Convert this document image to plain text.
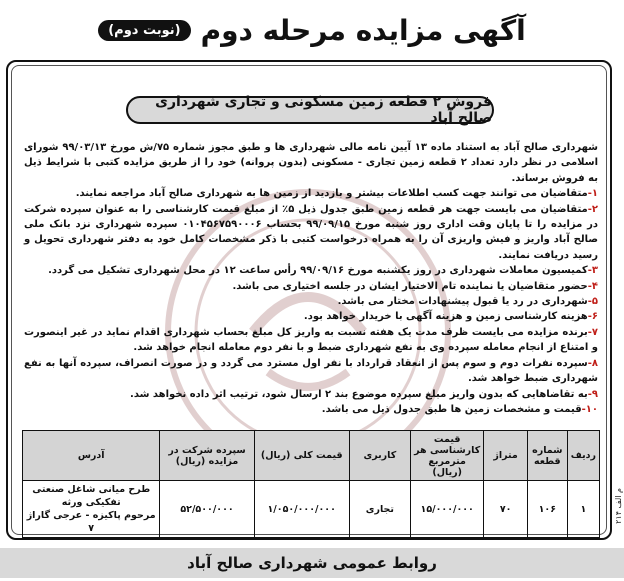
آگهی مزایده مرحله دوم
(نوبت دوم)
فروش ۲ قطعه زمین مسکونی و تجاری شهرداری صالح آباد

شهرداری صالح آباد به استناد ماده ۱۳ آیین نامه مالی شهرداری ها و طبق مجوز شماره ۷۵/ش مورخ ۹۹/۰۳/۱۳ شورای اسلامی در نظر دارد تعداد ۲ قطعه زمین تجاری - مسکونی (بدون پروانه) خود را از طریق مزایده کتبی با شرایط ذیل به فروش برساند.

۱-متقاضیان می توانند جهت کسب اطلاعات بیشتر و بازدید از زمین ها به شهرداری صالح آباد مراجعه نمایند.
۲-متقاضیان می بایست جهت هر قطعه زمین طبق جدول ذیل ۵٪ از مبلغ قیمت کارشناسی را به عنوان سپرده شرکت در مزایده را تا پایان وقت اداری روز شنبه مورخ ۹۹/۰۹/۱۵ بحساب ۰۱۰۴۵۶۷۵۹۰۰۰۶ سپرده شهرداری نزد بانک ملی صالح آباد واریز و فیش واریزی آن را به همراه درخواست کتبی با ذکر مشخصات کامل خود به دفتر شهرداری تحویل و رسید دریافت نمایند.
۳-کمیسیون معاملات شهرداری در روز یکشنبه مورخ ۹۹/۰۹/۱۶ رأس ساعت ۱۲ در محل شهرداری تشکیل می گردد.
۴-حضور متقاضیان یا نماینده تام الاختیار ایشان در جلسه اختیاری می باشد.
۵-شهرداری در رد یا قبول پیشنهادات مختار می باشد.
۶-هزینه کارشناسی زمین و هزینه آگهی با خریدار خواهد بود.
۷-برنده مزایده می بایست ظرف مدت یک هفته نسبت به واریز کل مبلغ بحساب شهرداری اقدام نماید در غیر اینصورت و امتناع از انجام معامله سپرده وی به نفع شهرداری ضبط و با نفر دوم معامله انجام خواهد شد.
۸-سپرده نفرات دوم و سوم پس از انعقاد قرارداد با نفر اول مسترد می گردد و در صورت انصراف، سپرده آنها به نفع شهرداری ضبط خواهد شد.
۹-به تقاضاهایی که بدون واریز مبلغ سپرده موضوع بند ۲ ارسال شود، ترتیب اثر داده نخواهد شد.
۱۰-قیمت و مشخصات زمین ها طبق جدول ذیل می باشد.
ردیف	شماره قطعه	متراژ	قیمت کارشناسی هر مترمربع (ریال)	کاربری	قیمت کلی (ریال)	سپرده شرکت در مزایده (ریال)	آدرس
۱	۱۰۶	۷۰	۱۵/۰۰۰/۰۰۰	تجاری	۱/۰۵۰/۰۰۰/۰۰۰	۵۲/۵۰۰/۰۰۰	طرح میانی شاغل صنعتی تفکیکی ورثه
مرحوم پاکیزه - عرجی گاراژ ۷

م الف ۲۱۴
روابط عمومی شهرداری صالح آباد
